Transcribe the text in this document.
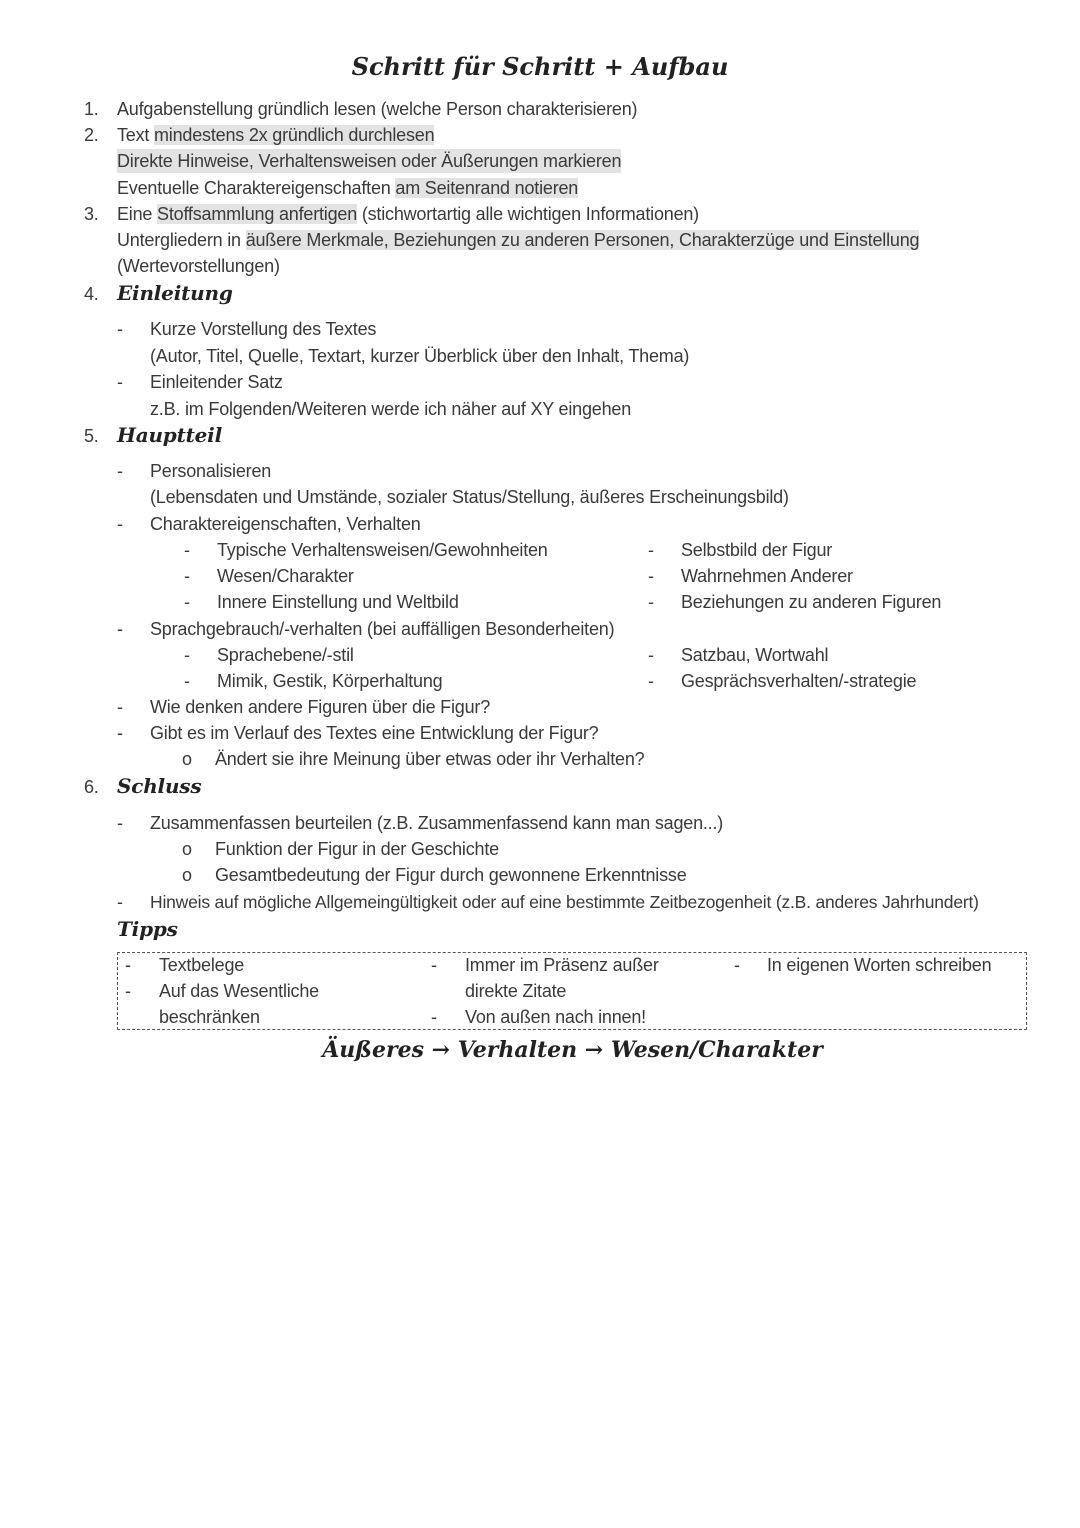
Schritt für Schritt + Aufbau
1. Aufgabenstellung gründlich lesen (welche Person charakterisieren)
2. Text mindestens 2x gründlich durchlesen
Direkte Hinweise, Verhaltensweisen oder Äußerungen markieren
Eventuelle Charaktereigenschaften am Seitenrand notieren
3. Eine Stoffsammlung anfertigen (stichwortartig alle wichtigen Informationen)
Untergliedern in äußere Merkmale, Beziehungen zu anderen Personen, Charakterzüge und Einstellung
(Wertevorstellungen)
4. Einleitung
- Kurze Vorstellung des Textes
(Autor, Titel, Quelle, Textart, kurzer Überblick über den Inhalt, Thema)
- Einleitender Satz
z.B. im Folgenden/Weiteren werde ich näher auf XY eingehen
5. Hauptteil
- Personalisieren
(Lebensdaten und Umstände, sozialer Status/Stellung, äußeres Erscheinungsbild)
- Charaktereigenschaften, Verhalten
- Typische Verhaltensweisen/Gewohnheiten
- Wesen/Charakter
- Innere Einstellung und Weltbild
- Selbstbild der Figur
- Wahrnehmen Anderer
- Beziehungen zu anderen Figuren
- Sprachgebrauch/-verhalten (bei auffälligen Besonderheiten)
- Sprachebene/-stil
- Mimik, Gestik, Körperhaltung
- Satzbau, Wortwahl
- Gesprächsverhalten/-strategie
- Wie denken andere Figuren über die Figur?
- Gibt es im Verlauf des Textes eine Entwicklung der Figur?
o Ändert sie ihre Meinung über etwas oder ihr Verhalten?
6. Schluss
- Zusammenfassen beurteilen (z.B. Zusammenfassend kann man sagen...)
o Funktion der Figur in der Geschichte
o Gesamtbedeutung der Figur durch gewonnene Erkenntnisse
- Hinweis auf mögliche Allgemeingültigkeit oder auf eine bestimmte Zeitbezogenheit (z.B. anderes Jahrhundert)
Tipps
- Textbelege
- Auf das Wesentliche
beschränken
- Immer im Präsenz außer
direkte Zitate
- Von außen nach innen!
- In eigenen Worten schreiben
Äußeres → Verhalten → Wesen/Charakter
